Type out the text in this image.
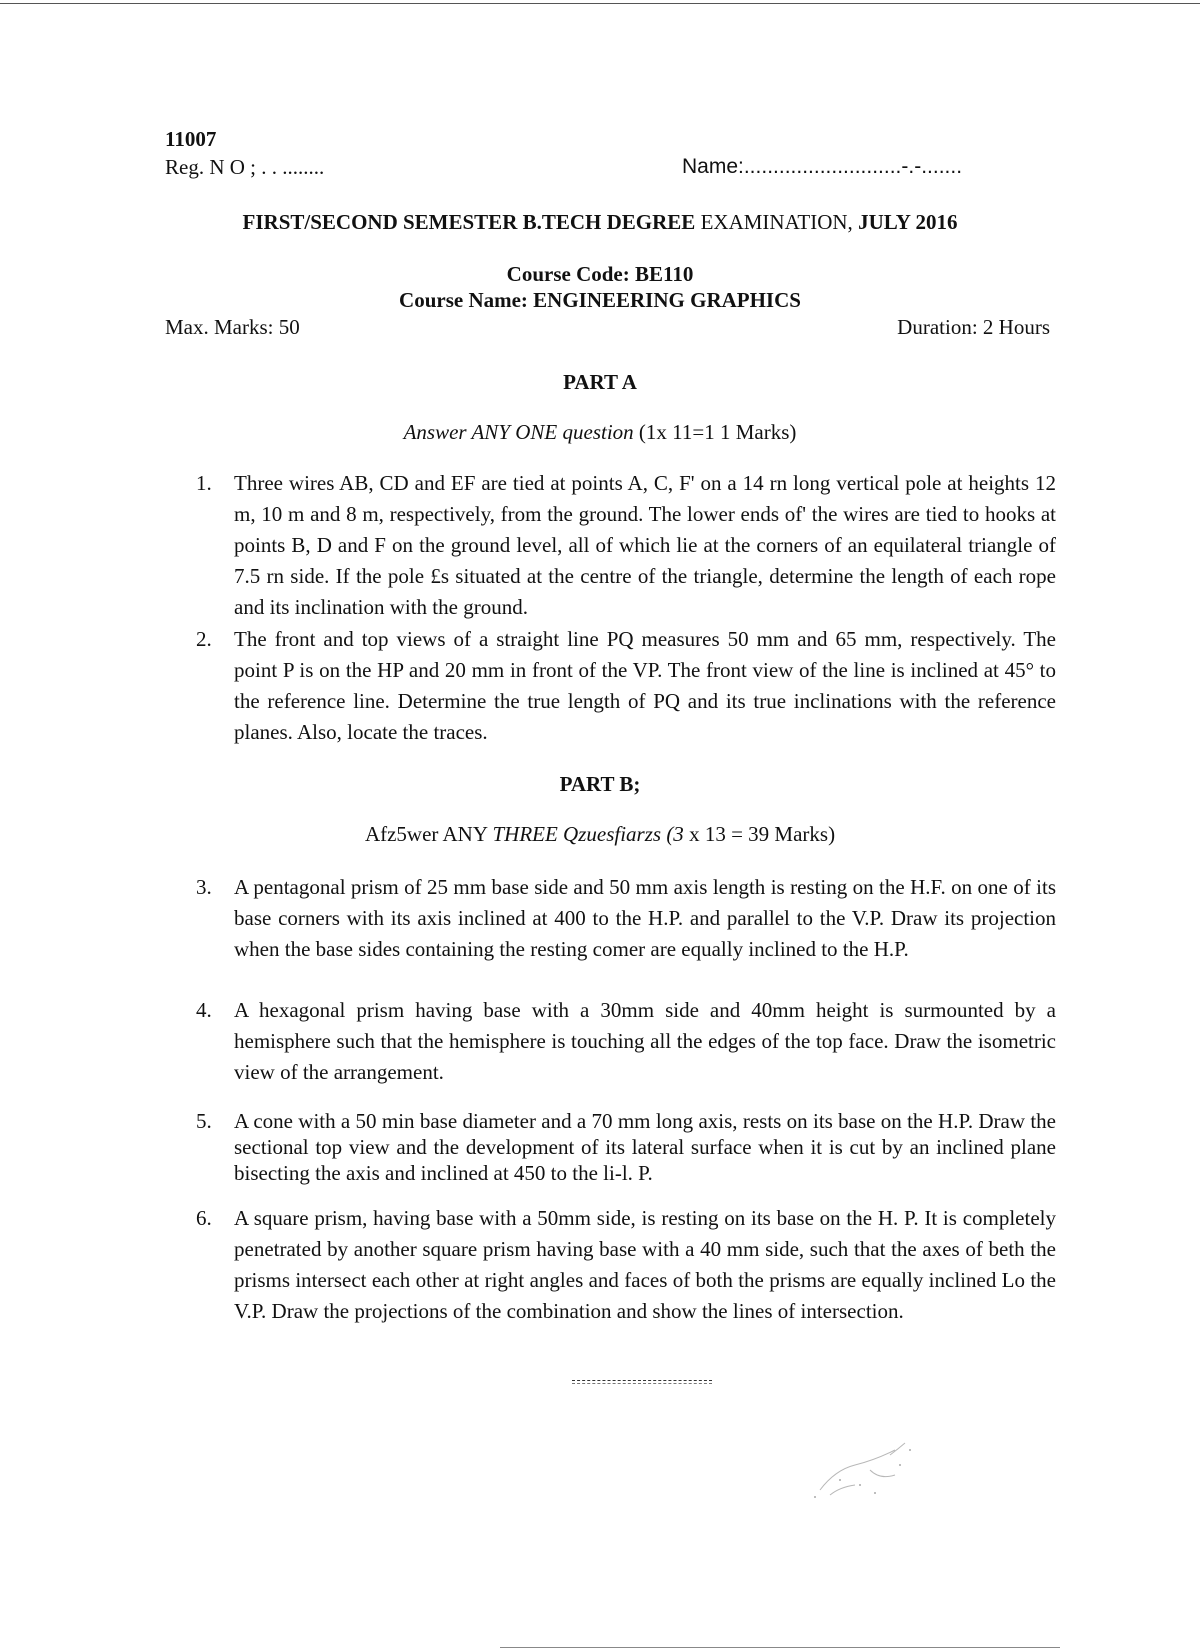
11007
Reg. N O ; . . ........	Name:...........................-.-.......
FIRST/SECOND SEMESTER B.TECH DEGREE EXAMINATION, JULY 2016
Course Code: BE110
Course Name: ENGINEERING GRAPHICS
Max. Marks: 50	Duration: 2 Hours
PART A
Answer ANY ONE question (1x 11=1 1 Marks)
1.	Three wires AB, CD and EF are tied at points A, C, F' on a 14 rn long vertical pole at heights 12 m, 10 m and 8 m, respectively, from the ground. The lower ends of' the wires are tied to hooks at points B, D and F on the ground level, all of which lie at the corners of an equilateral triangle of 7.5 rn side. If the pole £s situated at the centre of the triangle, determine the length of each rope and its inclination with the ground.
2.	The front and top views of a straight line PQ measures 50 mm and 65 mm, respectively. The point P is on the HP and 20 mm in front of the VP. The front view of the line is inclined at 45° to the reference line. Determine the true length of PQ and its true inclinations with the reference planes. Also, locate the traces.
PART B;
Afz5wer ANY THREE Qzuesfiarzs (3 x 13 = 39 Marks)
3.	A pentagonal prism of 25 mm base side and 50 mm axis length is resting on the H.F. on one of its base corners with its axis inclined at 400 to the H.P. and parallel to the V.P. Draw its projection when the base sides containing the resting comer are equally inclined to the H.P.
4.	A hexagonal prism having base with a 30mm side and 40mm height is surmounted by a hemisphere such that the hemisphere is touching all the edges of the top face. Draw the isometric view of the arrangement.
5.	A cone with a 50 min base diameter and a 70 mm long axis, rests on its base on the H.P. Draw the sectional top view and the development of its lateral surface when it is cut by an inclined plane bisecting the axis and inclined at 450 to the li-l. P.
6.	A square prism, having base with a 50mm side, is resting on its base on the H. P. It is completely penetrated by another square prism having base with a 40 mm side, such that the axes of beth the prisms intersect each other at right angles and faces of both the prisms are equally inclined Lo the V.P. Draw the projections of the combination and show the lines of intersection.
